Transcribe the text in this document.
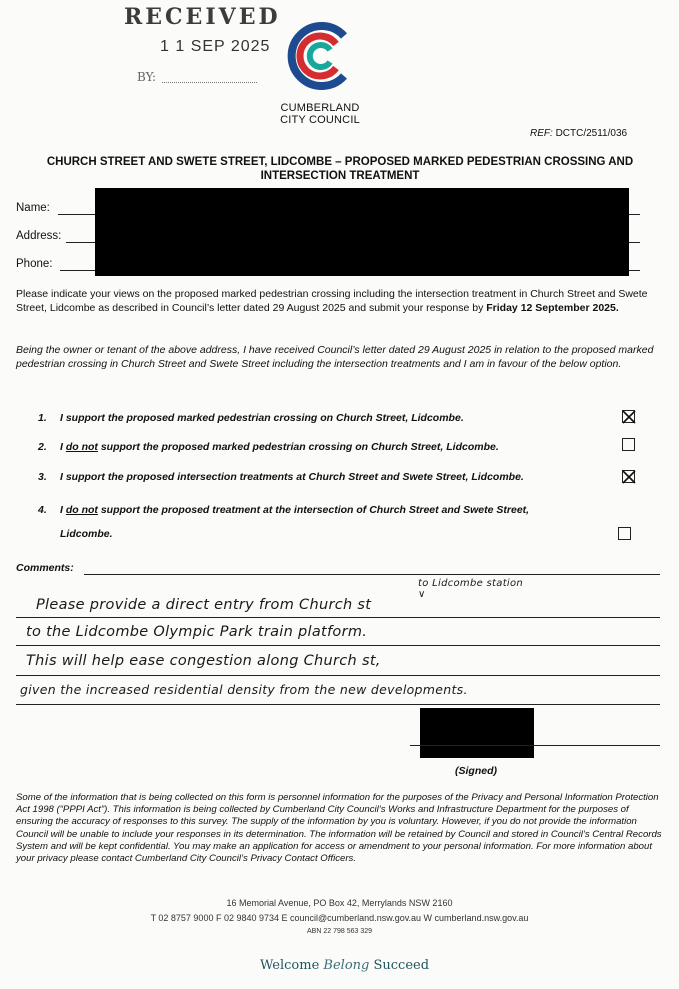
RECEIVED
1 1 SEP 2025
BY:
CUMBERLAND
CITY COUNCIL
REF: DCTC/2511/036
CHURCH STREET AND SWETE STREET, LIDCOMBE – PROPOSED MARKED PEDESTRIAN CROSSING AND INTERSECTION TREATMENT
Name:
Address:
Phone:
Please indicate your views on the proposed marked pedestrian crossing including the intersection treatment in Church Street and Swete Street, Lidcombe as described in Council’s letter dated 29 August 2025 and submit your response by Friday 12 September 2025.
Being the owner or tenant of the above address, I have received Council’s letter dated 29 August 2025 in relation to the proposed marked pedestrian crossing in Church Street and Swete Street including the intersection treatments and I am in favour of the below option.
1. I support the proposed marked pedestrian crossing on Church Street, Lidcombe.
2. I do not support the proposed marked pedestrian crossing on Church Street, Lidcombe.
3. I support the proposed intersection treatments at Church Street and Swete Street, Lidcombe.
4. I do not support the proposed treatment at the intersection of Church Street and Swete Street,
Lidcombe.
Comments:
to Lidcombe station
∨
Please provide a direct entry from Church st
to the Lidcombe Olympic Park train platform.
This will help ease congestion along Church st,
given the increased residential density from the new developments.
(Signed)
Some of the information that is being collected on this form is personnel information for the purposes of the Privacy and Personal Information Protection Act 1998 (“PPPI Act”). This information is being collected by Cumberland City Council’s Works and Infrastructure Department for the purposes of ensuring the accuracy of responses to this survey. The supply of the information by you is voluntary. However, if you do not provide the information Council will be unable to include your responses in its determination. The information will be retained by Council and stored in Council’s Central Records System and will be kept confidential. You may make an application for access or amendment to your personal information. For more information about your privacy please contact Cumberland City Council’s Privacy Contact Officers.
16 Memorial Avenue, PO Box 42, Merrylands NSW 2160
T 02 8757 9000 F 02 9840 9734 E council@cumberland.nsw.gov.au W cumberland.nsw.gov.au
ABN 22 798 563 329
Welcome Belong Succeed
